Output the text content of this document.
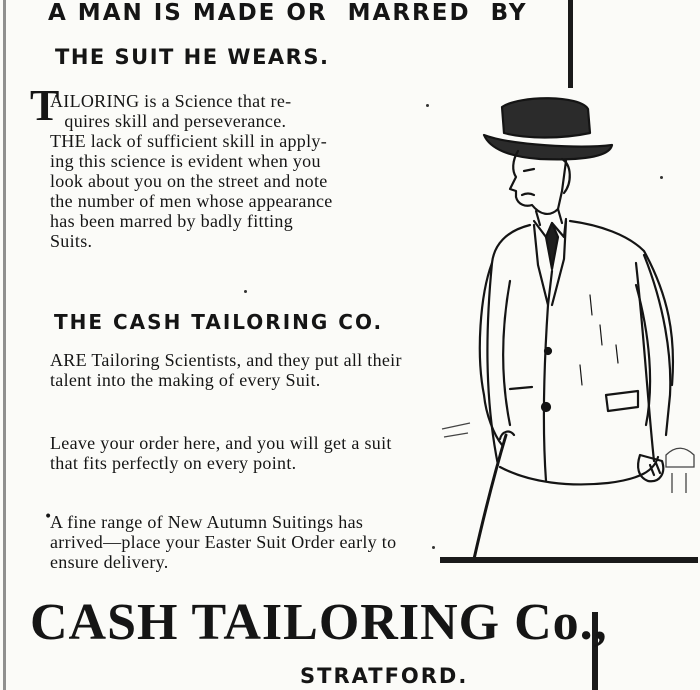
A MAN IS MADE OR  MARRED  BY
THE SUIT HE WEARS.
T

AILORING is a Science that re-
quires skill and perseverance.
THE lack of sufficient skill in apply-
ing this science is evident when you
look about you on the street and note
the number of men whose appearance
has been marred by badly fitting
Suits.

THE CASH TAILORING CO.

ARE Tailoring Scientists, and they put all their talent into the making of every Suit.

Leave your order here, and you will get a suit that fits perfectly on every point.

•

A fine range of New Autumn Suitings has arrived—place your Easter Suit Order early to ensure delivery.

CASH TAILORING Co.,
STRATFORD.
